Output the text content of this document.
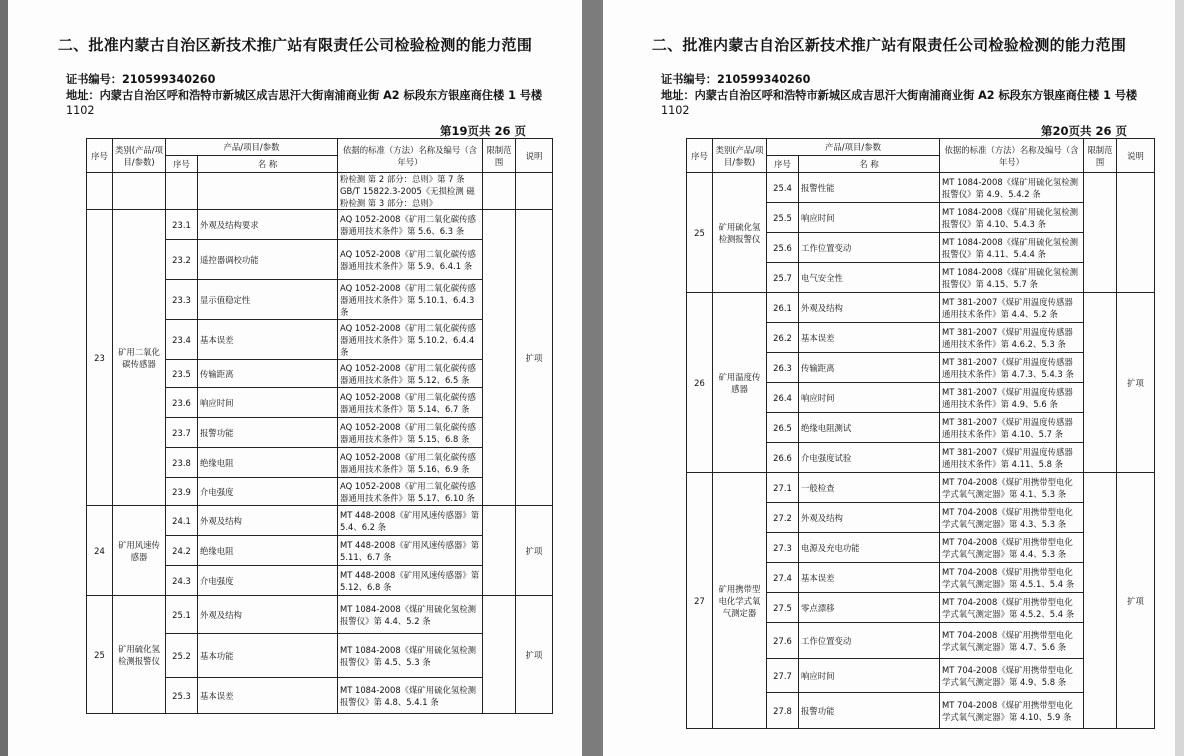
二、批准内蒙古自治区新技术推广站有限责任公司检验检测的能力范围
证书编号：210599340260
地址：内蒙古自治区呼和浩特市新城区成吉思汗大街南浦商业街 A2 标段东方银座商住楼 1 号楼
1102
第19页共 26 页
序号	类别(产品/项目/参数)	产品/项目/参数		依据的标准（方法）名称及编号（含年号）	限制范围	说明
		序号	名 称			
				粉检测 第 2 部分：总则》第 7 条
GB/T 15822.3-2005《无损检测 磁粉检测 第 3 部分：总则》		
23	矿用二氧化碳传感器	23.1	外观及结构要求	AQ 1052-2008《矿用二氧化碳传感器通用技术条件》第 5.6、6.3 条		扩项
		23.2	遥控器调校功能	AQ 1052-2008《矿用二氧化碳传感器通用技术条件》第 5.9、6.4.1 条		
		23.3	显示值稳定性	AQ 1052-2008《矿用二氧化碳传感器通用技术条件》第 5.10.1、6.4.3 条		
		23.4	基本误差	AQ 1052-2008《矿用二氧化碳传感器通用技术条件》第 5.10.2、6.4.4 条		
		23.5	传输距离	AQ 1052-2008《矿用二氧化碳传感器通用技术条件》第 5.12、6.5 条		
		23.6	响应时间	AQ 1052-2008《矿用二氧化碳传感器通用技术条件》第 5.14、6.7 条		
		23.7	报警功能	AQ 1052-2008《矿用二氧化碳传感器通用技术条件》第 5.15、6.8 条		
		23.8	绝缘电阻	AQ 1052-2008《矿用二氧化碳传感器通用技术条件》第 5.16、6.9 条		
		23.9	介电强度	AQ 1052-2008《矿用二氧化碳传感器通用技术条件》第 5.17、6.10 条		
24	矿用风速传感器	24.1	外观及结构	MT 448-2008《矿用风速传感器》第 5.4、6.2 条		扩项
		24.2	绝缘电阻	MT 448-2008《矿用风速传感器》第 5.11、6.7 条		
		24.3	介电强度	MT 448-2008《矿用风速传感器》第 5.12、6.8 条		
25	矿用硫化氢检测报警仪	25.1	外观及结构	MT 1084-2008《煤矿用硫化氢检测报警仪》第 4.4、5.2 条		扩项
		25.2	基本功能	MT 1084-2008《煤矿用硫化氢检测报警仪》第 4.5、5.3 条		
		25.3	基本误差	MT 1084-2008《煤矿用硫化氢检测报警仪》第 4.8、5.4.1 条		
二、批准内蒙古自治区新技术推广站有限责任公司检验检测的能力范围
证书编号：210599340260
地址：内蒙古自治区呼和浩特市新城区成吉思汗大街南浦商业街 A2 标段东方银座商住楼 1 号楼
1102
第20页共 26 页
序号	类别(产品/项目/参数)	产品/项目/参数		依据的标准（方法）名称及编号（含年号）	限制范围	说明
		序号	名 称			
25	矿用硫化氢检测报警仪	25.4	报警性能	MT 1084-2008《煤矿用硫化氢检测报警仪》第 4.9、5.4.2 条		
		25.5	响应时间	MT 1084-2008《煤矿用硫化氢检测报警仪》第 4.10、5.4.3 条		
		25.6	工作位置变动	MT 1084-2008《煤矿用硫化氢检测报警仪》第 4.11、5.4.4 条		
		25.7	电气安全性	MT 1084-2008《煤矿用硫化氢检测报警仪》第 4.15、5.7 条		
26	矿用温度传感器	26.1	外观及结构	MT 381-2007《煤矿用温度传感器通用技术条件》第 4.4、5.2 条		扩项
		26.2	基本误差	MT 381-2007《煤矿用温度传感器通用技术条件》第 4.6.2、5.3 条		
		26.3	传输距离	MT 381-2007《煤矿用温度传感器通用技术条件》第 4.7.3、5.4.3 条		
		26.4	响应时间	MT 381-2007《煤矿用温度传感器通用技术条件》第 4.9、5.6 条		
		26.5	绝缘电阻测试	MT 381-2007《煤矿用温度传感器通用技术条件》第 4.10、5.7 条		
		26.6	介电强度试验	MT 381-2007《煤矿用温度传感器通用技术条件》第 4.11、5.8 条		
27	矿用携带型电化学式氧气测定器	27.1	一般检查	MT 704-2008《煤矿用携带型电化学式氧气测定器》第 4.1、5.3 条		扩项
		27.2	外观及结构	MT 704-2008《煤矿用携带型电化学式氧气测定器》第 4.3、5.3 条		
		27.3	电源及充电功能	MT 704-2008《煤矿用携带型电化学式氧气测定器》第 4.4、5.3 条		
		27.4	基本误差	MT 704-2008《煤矿用携带型电化学式氧气测定器》第 4.5.1、5.4 条		
		27.5	零点漂移	MT 704-2008《煤矿用携带型电化学式氧气测定器》第 4.5.2、5.4 条		
		27.6	工作位置变动	MT 704-2008《煤矿用携带型电化学式氧气测定器》第 4.7、5.6 条		
		27.7	响应时间	MT 704-2008《煤矿用携带型电化学式氧气测定器》第 4.9、5.8 条		
		27.8	报警功能	MT 704-2008《煤矿用携带型电化学式氧气测定器》第 4.10、5.9 条		
